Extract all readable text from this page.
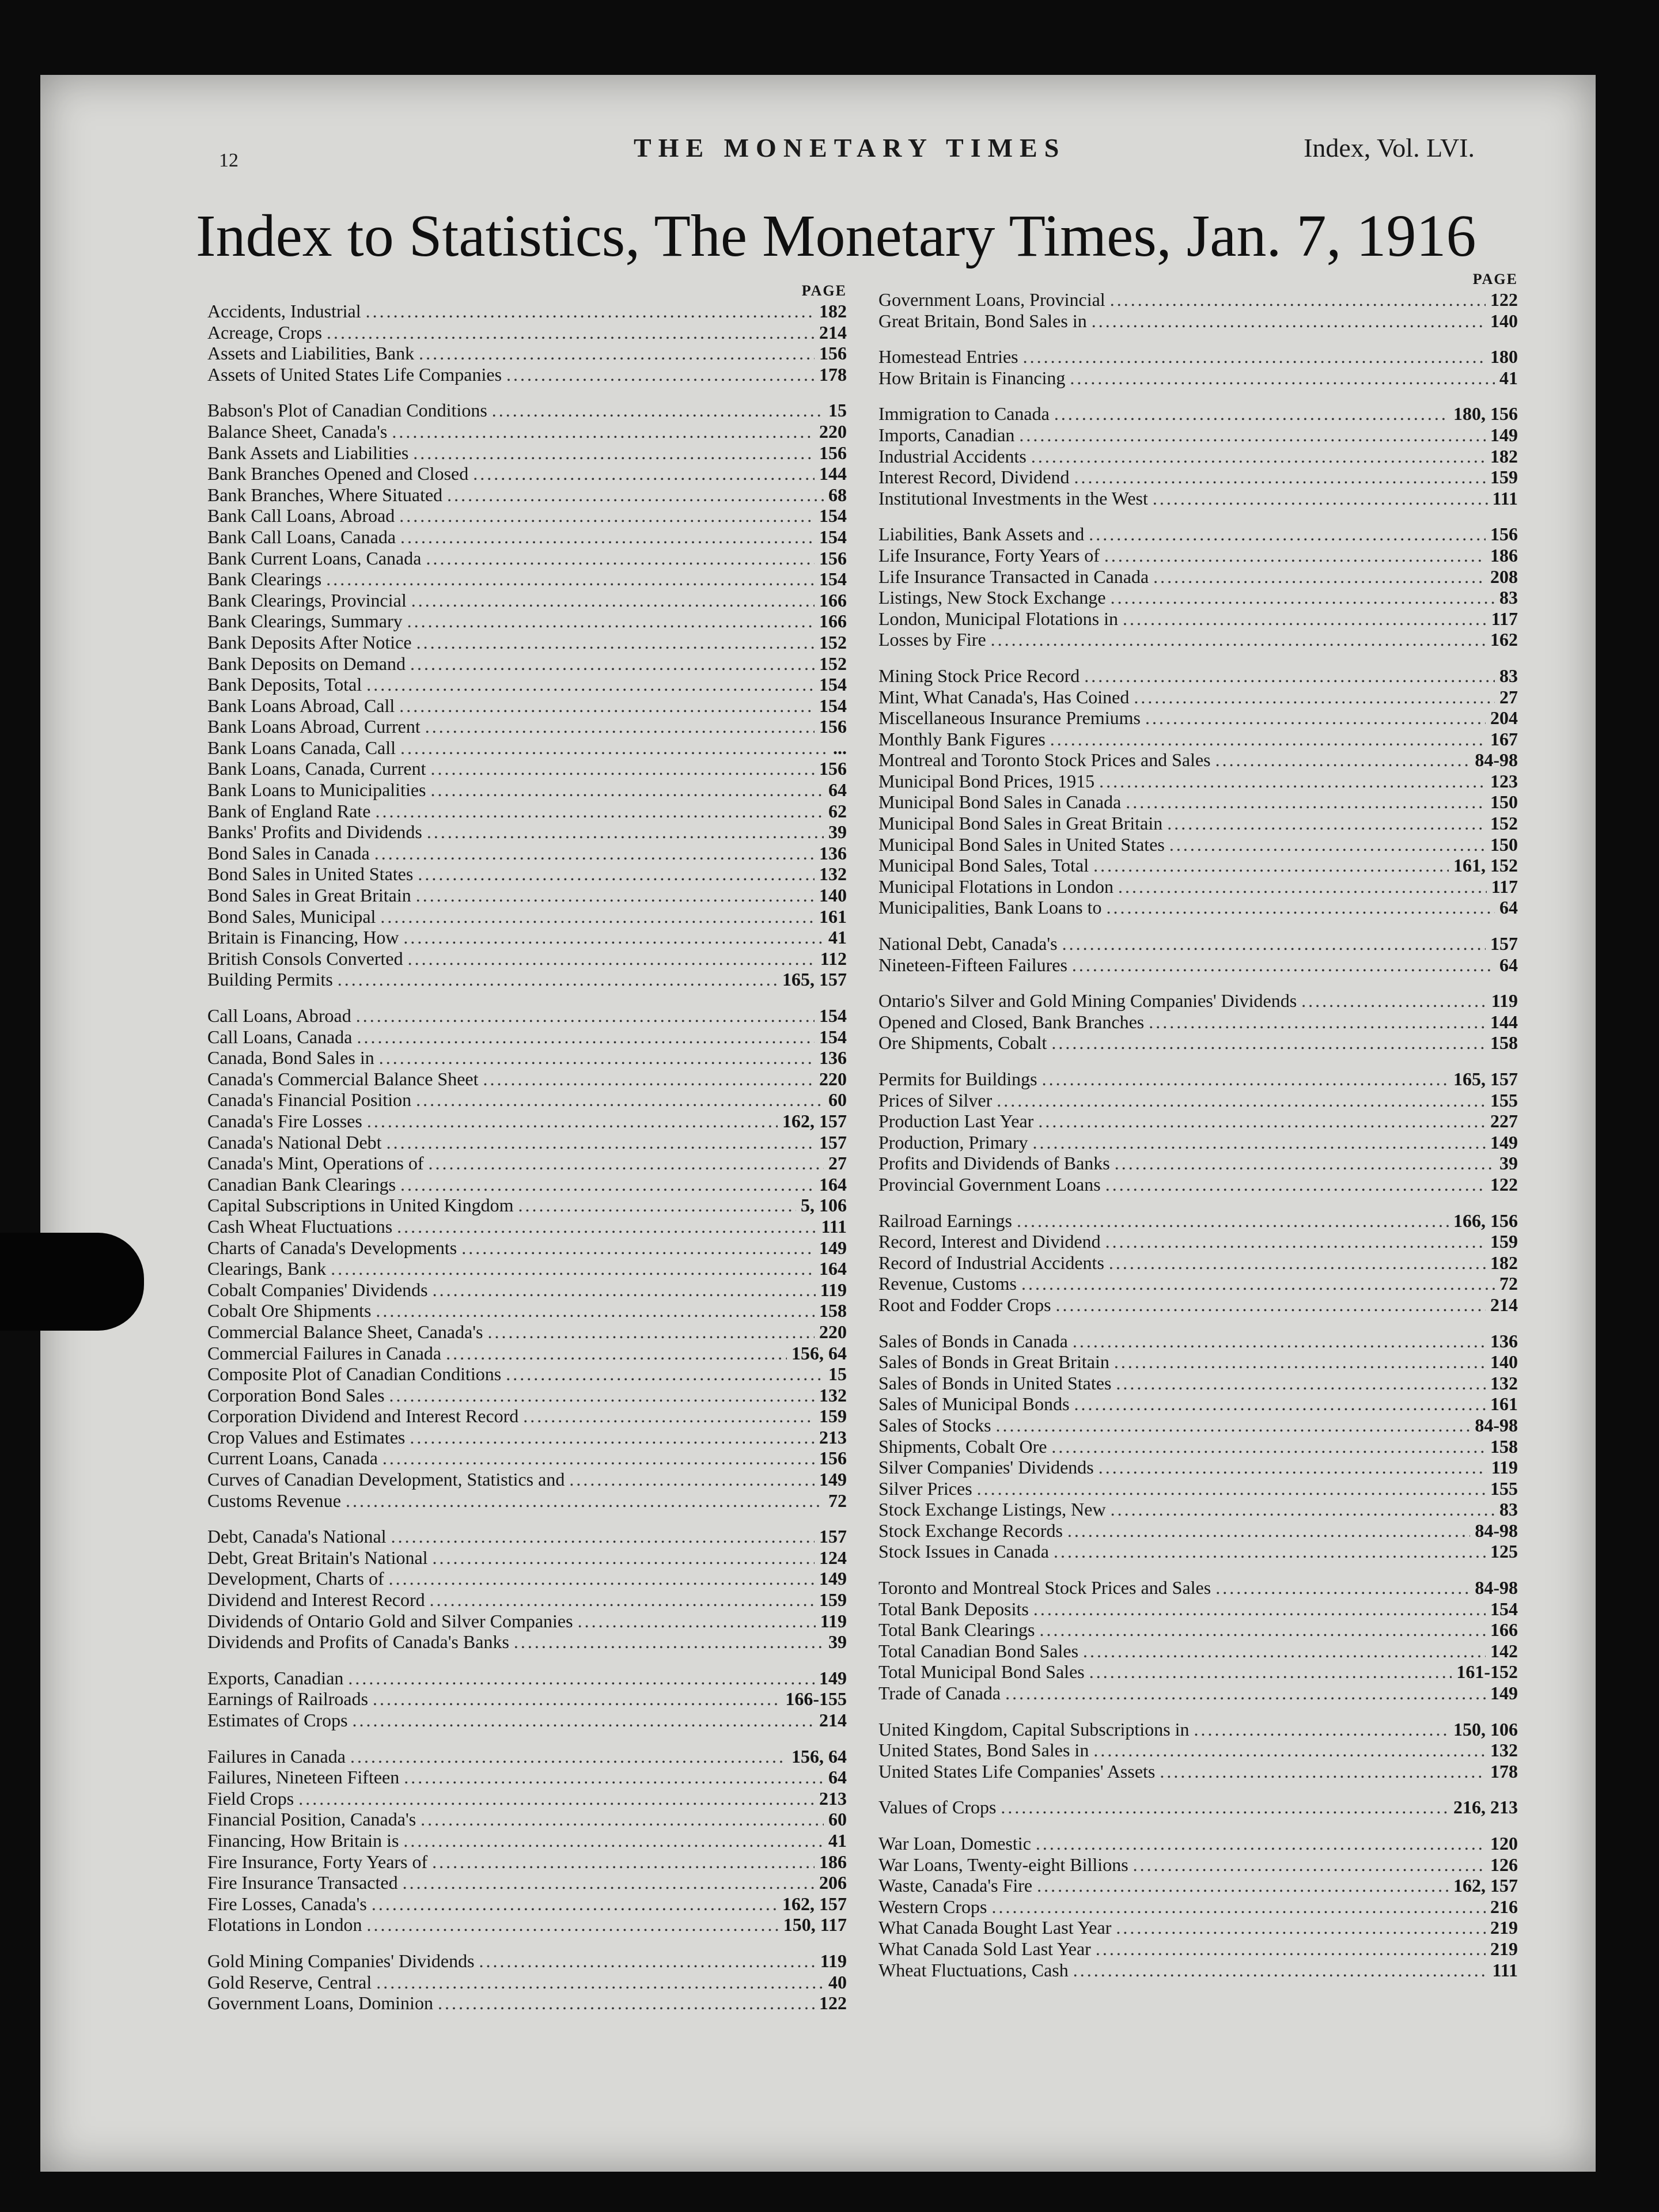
12	THE MONETARY TIMES	Index, Vol. LVI.
Index to Statistics, The Monetary Times, Jan. 7, 1916
PAGE
Accidents, Industrial .....	182
Acreage, Crops .....	214
Assets and Liabilities, Bank .....	156
Assets of United States Life Companies .....	178
Babson's Plot of Canadian Conditions .....	15
Balance Sheet, Canada's .....	220
Bank Assets and Liabilities .....	156
Bank Branches Opened and Closed .....	144
Bank Branches, Where Situated .....	68
Bank Call Loans, Abroad .....	154
Bank Call Loans, Canada .....	154
Bank Current Loans, Canada .....	156
Bank Clearings .....	154
Bank Clearings, Provincial .....	166
Bank Clearings, Summary .....	166
Bank Deposits After Notice .....	152
Bank Deposits on Demand .....	152
Bank Deposits, Total .....	154
Bank Loans Abroad, Call .....	154
Bank Loans Abroad, Current .....	156
Bank Loans Canada, Call .....	...
Bank Loans, Canada, Current .....	156
Bank Loans to Municipalities .....	64
Bank of England Rate .....	62
Banks' Profits and Dividends .....	39
Bond Sales in Canada .....	136
Bond Sales in United States .....	132
Bond Sales in Great Britain .....	140
Bond Sales, Municipal .....	161
Britain is Financing, How .....	41
British Consols Converted .....	112
Building Permits .....	165, 157
Call Loans, Abroad .....	154
Call Loans, Canada .....	154
Canada, Bond Sales in .....	136
Canada's Commercial Balance Sheet .....	220
Canada's Financial Position .....	60
Canada's Fire Losses .....	162, 157
Canada's National Debt .....	157
Canada's Mint, Operations of .....	27
Canadian Bank Clearings .....	164
Capital Subscriptions in United Kingdom .....	5, 106
Cash Wheat Fluctuations .....	111
Charts of Canada's Developments .....	149
Clearings, Bank .....	164
Cobalt Companies' Dividends .....	119
Cobalt Ore Shipments .....	158
Commercial Balance Sheet, Canada's .....	220
Commercial Failures in Canada .....	156, 64
Composite Plot of Canadian Conditions .....	15
Corporation Bond Sales .....	132
Corporation Dividend and Interest Record .....	159
Crop Values and Estimates .....	213
Current Loans, Canada .....	156
Curves of Canadian Development, Statistics and .....	149
Customs Revenue .....	72
Debt, Canada's National .....	157
Debt, Great Britain's National .....	124
Development, Charts of .....	149
Dividend and Interest Record .....	159
Dividends of Ontario Gold and Silver Companies .....	119
Dividends and Profits of Canada's Banks .....	39
Exports, Canadian .....	149
Earnings of Railroads .....	166-155
Estimates of Crops .....	214
Failures in Canada .....	156, 64
Failures, Nineteen Fifteen .....	64
Field Crops .....	213
Financial Position, Canada's .....	60
Financing, How Britain is .....	41
Fire Insurance, Forty Years of .....	186
Fire Insurance Transacted .....	206
Fire Losses, Canada's .....	162, 157
Flotations in London .....	150, 117
Gold Mining Companies' Dividends .....	119
Gold Reserve, Central .....	40
Government Loans, Dominion .....	122
PAGE
Government Loans, Provincial .....	122
Great Britain, Bond Sales in .....	140
Homestead Entries .....	180
How Britain is Financing .....	41
Immigration to Canada .....	180, 156
Imports, Canadian .....	149
Industrial Accidents .....	182
Interest Record, Dividend .....	159
Institutional Investments in the West .....	111
Liabilities, Bank Assets and .....	156
Life Insurance, Forty Years of .....	186
Life Insurance Transacted in Canada .....	208
Listings, New Stock Exchange .....	83
London, Municipal Flotations in .....	117
Losses by Fire .....	162
Mining Stock Price Record .....	83
Mint, What Canada's, Has Coined .....	27
Miscellaneous Insurance Premiums .....	204
Monthly Bank Figures .....	167
Montreal and Toronto Stock Prices and Sales .....	84-98
Municipal Bond Prices, 1915 .....	123
Municipal Bond Sales in Canada .....	150
Municipal Bond Sales in Great Britain .....	152
Municipal Bond Sales in United States .....	150
Municipal Bond Sales, Total .....	161, 152
Municipal Flotations in London .....	117
Municipalities, Bank Loans to .....	64
National Debt, Canada's .....	157
Nineteen-Fifteen Failures .....	64
Ontario's Silver and Gold Mining Companies' Dividends .....	119
Opened and Closed, Bank Branches .....	144
Ore Shipments, Cobalt .....	158
Permits for Buildings .....	165, 157
Prices of Silver .....	155
Production Last Year .....	227
Production, Primary .....	149
Profits and Dividends of Banks .....	39
Provincial Government Loans .....	122
Railroad Earnings .....	166, 156
Record, Interest and Dividend .....	159
Record of Industrial Accidents .....	182
Revenue, Customs .....	72
Root and Fodder Crops .....	214
Sales of Bonds in Canada .....	136
Sales of Bonds in Great Britain .....	140
Sales of Bonds in United States .....	132
Sales of Municipal Bonds .....	161
Sales of Stocks .....	84-98
Shipments, Cobalt Ore .....	158
Silver Companies' Dividends .....	119
Silver Prices .....	155
Stock Exchange Listings, New .....	83
Stock Exchange Records .....	84-98
Stock Issues in Canada .....	125
Toronto and Montreal Stock Prices and Sales .....	84-98
Total Bank Deposits .....	154
Total Bank Clearings .....	166
Total Canadian Bond Sales .....	142
Total Municipal Bond Sales .....	161-152
Trade of Canada .....	149
United Kingdom, Capital Subscriptions in .....	150, 106
United States, Bond Sales in .....	132
United States Life Companies' Assets .....	178
Values of Crops .....	216, 213
War Loan, Domestic .....	120
War Loans, Twenty-eight Billions .....	126
Waste, Canada's Fire .....	162, 157
Western Crops .....	216
What Canada Bought Last Year .....	219
What Canada Sold Last Year .....	219
Wheat Fluctuations, Cash .....	111
